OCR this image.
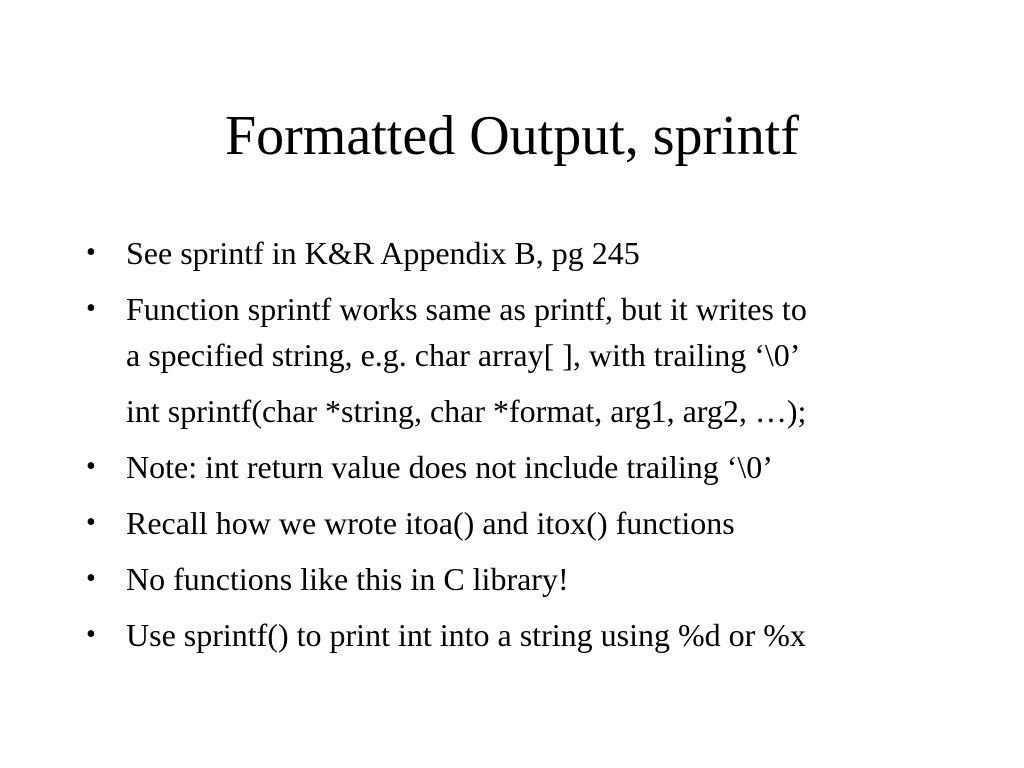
Formatted Output, sprintf
• See sprintf in K&R Appendix B, pg 245
• Function sprintf works same as printf, but it writes to
a specified string, e.g. char array[ ], with trailing ‘\0’
int sprintf(char *string, char *format, arg1, arg2, …);
• Note: int return value does not include trailing ‘\0’
• Recall how we wrote itoa() and itox() functions
• No functions like this in C library!
• Use sprintf() to print int into a string using %d or %x
